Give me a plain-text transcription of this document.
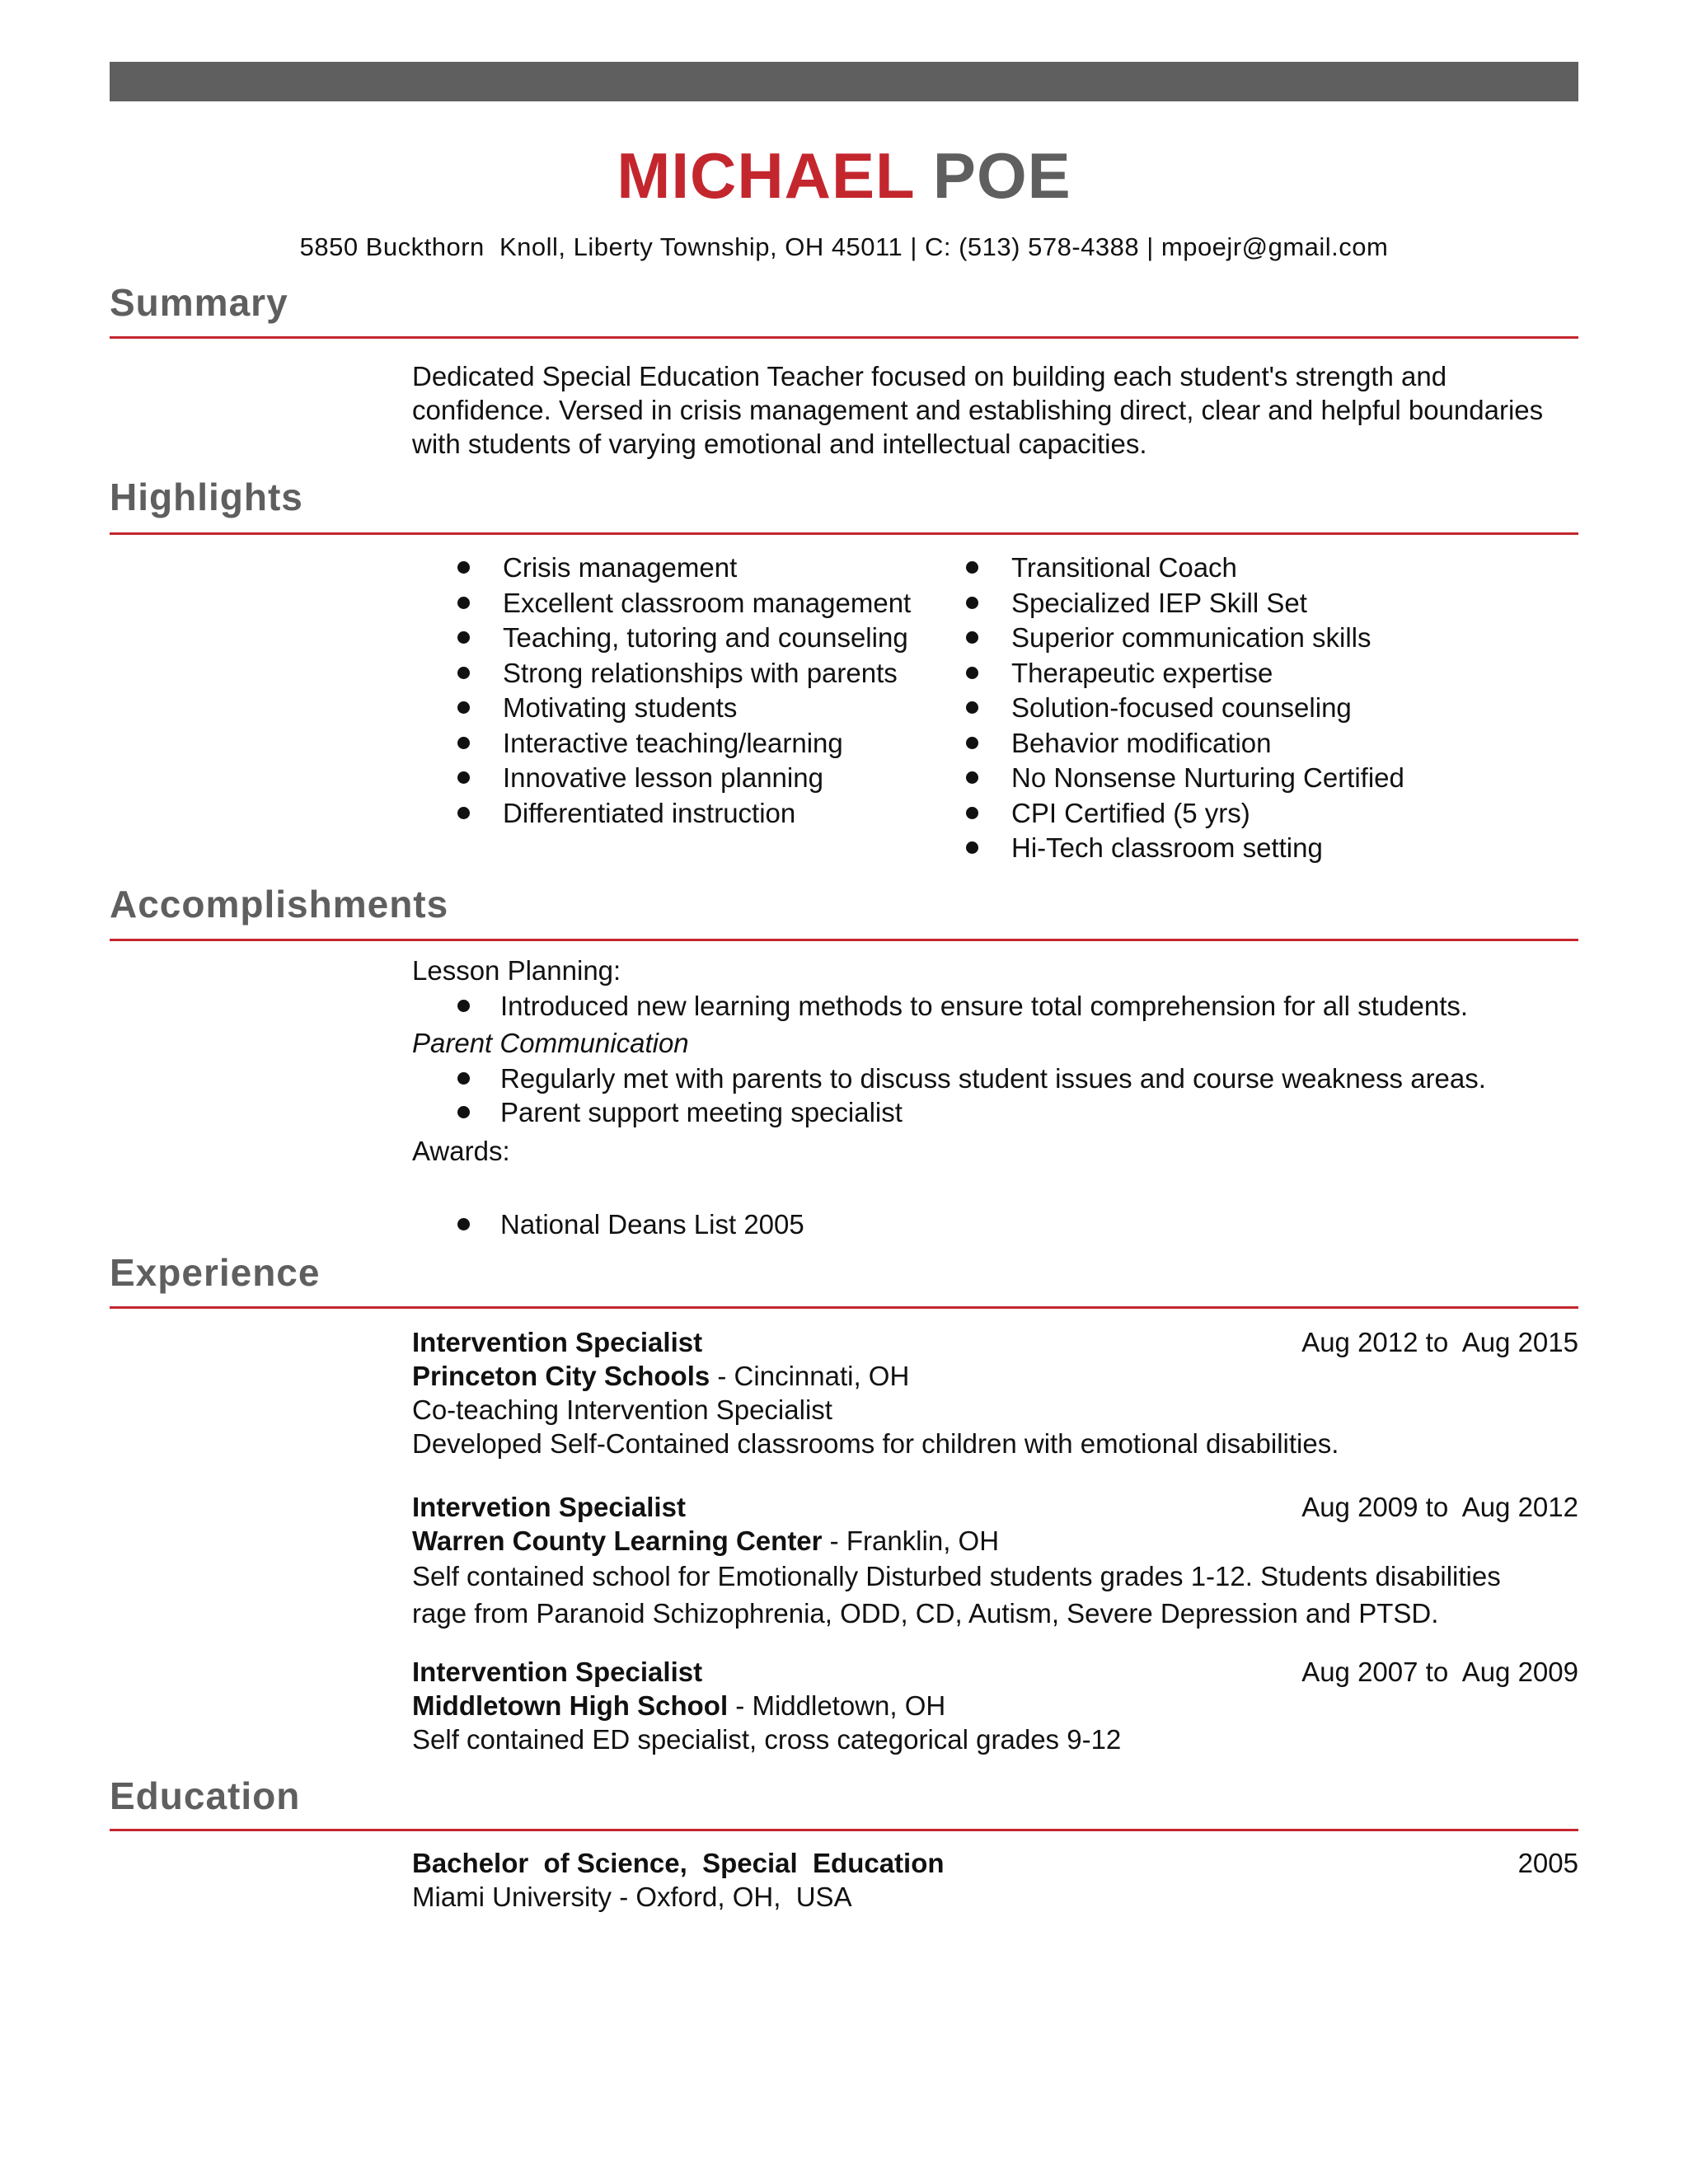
MICHAEL POE
5850 Buckthorn  Knoll, Liberty Township, OH 45011 | C: (513) 578-4388 | mpoejr@gmail.com
Summary
Dedicated Special Education Teacher focused on building each student's strength and confidence. Versed in crisis management and establishing direct, clear and helpful boundaries with students of varying emotional and intellectual capacities.
Highlights
Crisis management
Excellent classroom management
Teaching, tutoring and counseling
Strong relationships with parents
Motivating students
Interactive teaching/learning
Innovative lesson planning
Differentiated instruction
Transitional Coach
Specialized IEP Skill Set
Superior communication skills
Therapeutic expertise
Solution-focused counseling
Behavior modification
No Nonsense Nurturing Certified
CPI Certified (5 yrs)
Hi-Tech classroom setting
Accomplishments
Lesson Planning:
Introduced new learning methods to ensure total comprehension for all students.
Parent Communication
Regularly met with parents to discuss student issues and course weakness areas.
Parent support meeting specialist
Awards:
National Deans List 2005
Experience
Intervention Specialist	Aug 2012 to  Aug 2015
Princeton City Schools - Cincinnati, OH
Co-teaching Intervention Specialist
Developed Self-Contained classrooms for children with emotional disabilities.
Intervetion Specialist	Aug 2009 to  Aug 2012
Warren County Learning Center - Franklin, OH
Self contained school for Emotionally Disturbed students grades 1-12. Students disabilities rage from Paranoid Schizophrenia, ODD, CD, Autism, Severe Depression and PTSD.
Intervention Specialist	Aug 2007 to  Aug 2009
Middletown High School - Middletown, OH
Self contained ED specialist, cross categorical grades 9-12
Education
Bachelor  of Science,  Special  Education	2005
Miami University - Oxford, OH,  USA
